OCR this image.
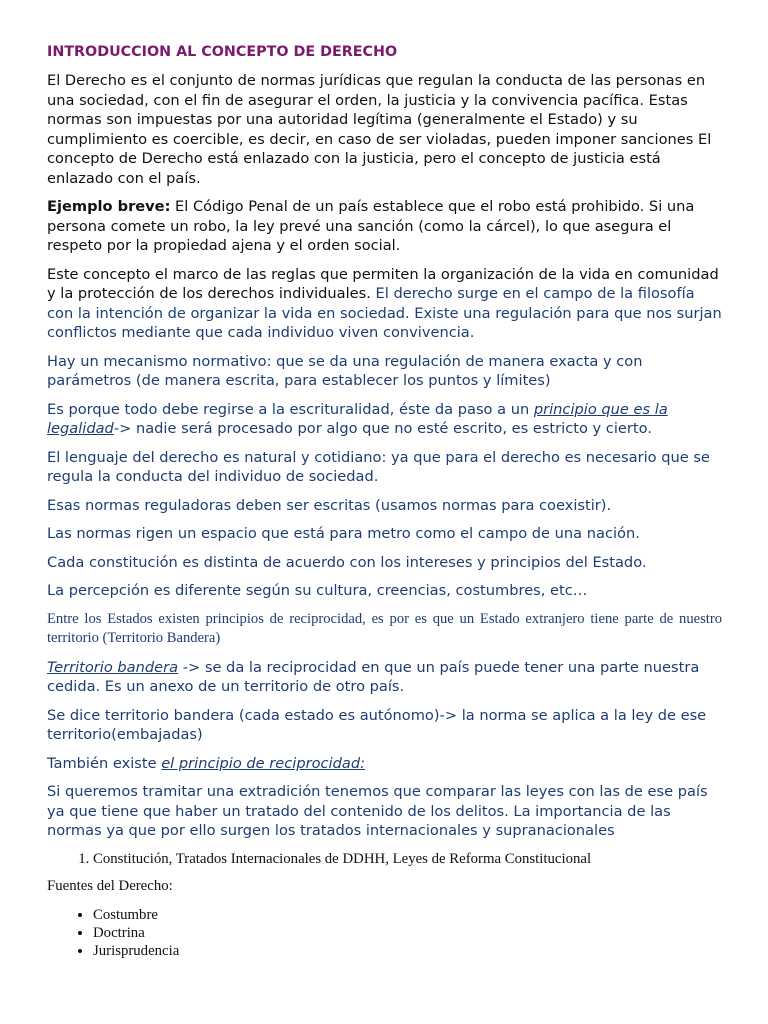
INTRODUCCION AL CONCEPTO DE DERECHO

El Derecho es el conjunto de normas jurídicas que regulan la conducta de las personas en una sociedad, con el fin de asegurar el orden, la justicia y la convivencia pacífica. Estas normas son impuestas por una autoridad legítima (generalmente el Estado) y su cumplimiento es coercible, es decir, en caso de ser violadas, pueden imponer sanciones El concepto de Derecho está enlazado con la justicia, pero el concepto de justicia está enlazado con el país.

Ejemplo breve: El Código Penal de un país establece que el robo está prohibido. Si una persona comete un robo, la ley prevé una sanción (como la cárcel), lo que asegura el respeto por la propiedad ajena y el orden social.

Este concepto el marco de las reglas que permiten la organización de la vida en comunidad y la protección de los derechos individuales. El derecho surge en el campo de la filosofía con la intención de organizar la vida en sociedad. Existe una regulación para que nos surjan conflictos mediante que cada individuo viven convivencia.

Hay un mecanismo normativo: que se da una regulación de manera exacta y con parámetros (de manera escrita, para establecer los puntos y límites)

Es porque todo debe regirse a la escrituralidad, éste da paso a un principio que es la legalidad-> nadie será procesado por algo que no esté escrito, es estricto y cierto.

El lenguaje del derecho es natural y cotidiano: ya que para el derecho es necesario que se regula la conducta del individuo de sociedad.

Esas normas reguladoras deben ser escritas (usamos normas para coexistir).

Las normas rigen un espacio que está para metro como el campo de una nación.

Cada constitución es distinta de acuerdo con los intereses y principios del Estado.

La percepción es diferente según su cultura, creencias, costumbres, etc…

Entre los Estados existen principios de reciprocidad, es por es que un Estado extranjero tiene parte de nuestro territorio (Territorio Bandera)

Territorio bandera -> se da la reciprocidad en que un país puede tener una parte nuestra cedida. Es un anexo de un territorio de otro país.

Se dice territorio bandera (cada estado es autónomo)-> la norma se aplica a la ley de ese territorio(embajadas)

También existe el principio de reciprocidad:

Si queremos tramitar una extradición tenemos que comparar las leyes con las de ese país ya que tiene que haber un tratado del contenido de los delitos. La importancia de las normas ya que por ello surgen los tratados internacionales y supranacionales

1. Constitución, Tratados Internacionales de DDHH, Leyes de Reforma Constitucional
Fuentes del Derecho:
• Costumbre
• Doctrina
• Jurisprudencia
